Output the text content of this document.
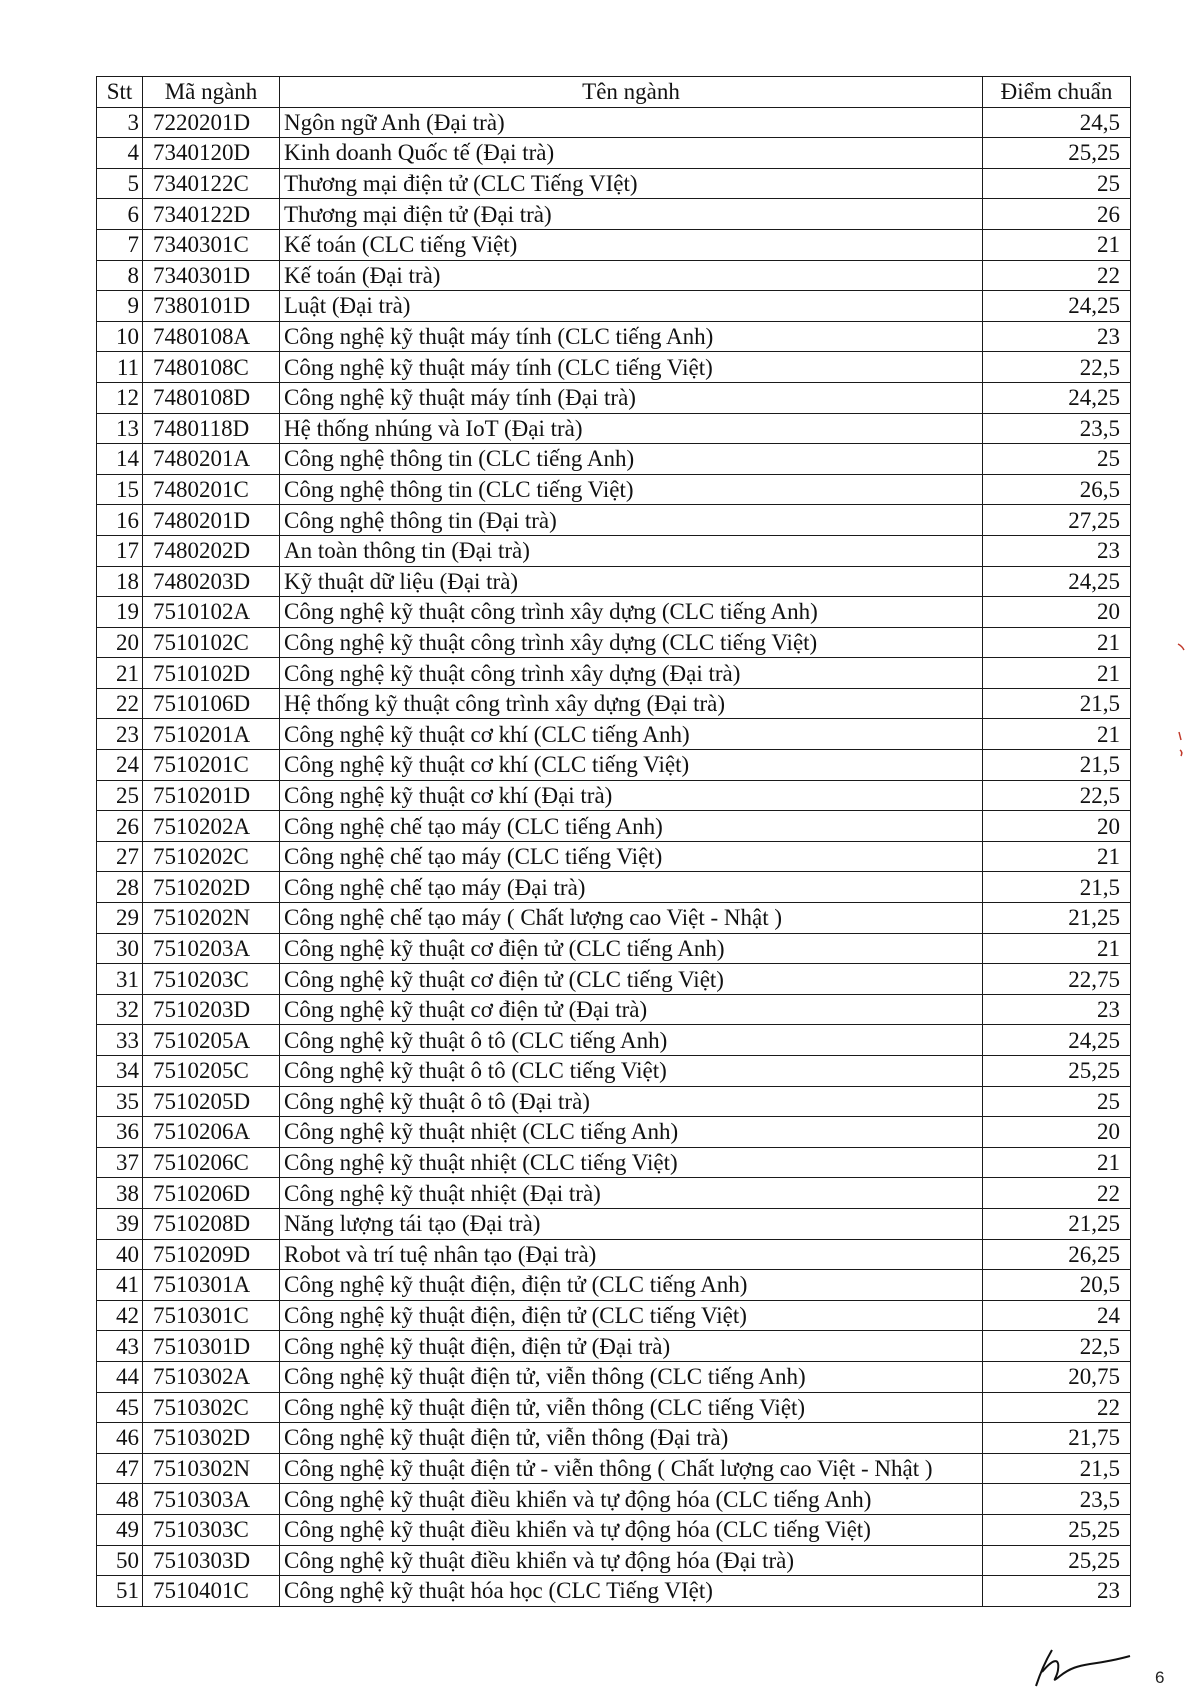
Stt	Mã ngành	Tên ngành	Điểm chuẩn
3	7220201D	Ngôn ngữ Anh (Đại trà)	24,5
4	7340120D	Kinh doanh Quốc tế (Đại trà)	25,25
5	7340122C	Thương mại điện tử (CLC Tiếng VIệt)	25
6	7340122D	Thương mại điện tử (Đại trà)	26
7	7340301C	Kế toán (CLC tiếng Việt)	21
8	7340301D	Kế toán (Đại trà)	22
9	7380101D	Luật (Đại trà)	24,25
10	7480108A	Công nghệ kỹ thuật máy tính (CLC tiếng Anh)	23
11	7480108C	Công nghệ kỹ thuật máy tính (CLC tiếng Việt)	22,5
12	7480108D	Công nghệ kỹ thuật máy tính (Đại trà)	24,25
13	7480118D	Hệ thống nhúng và IoT (Đại trà)	23,5
14	7480201A	Công nghệ thông tin (CLC tiếng Anh)	25
15	7480201C	Công nghệ thông tin (CLC tiếng Việt)	26,5
16	7480201D	Công nghệ thông tin (Đại trà)	27,25
17	7480202D	An toàn thông tin (Đại trà)	23
18	7480203D	Kỹ thuật dữ liệu (Đại trà)	24,25
19	7510102A	Công nghệ kỹ thuật công trình xây dựng (CLC tiếng Anh)	20
20	7510102C	Công nghệ kỹ thuật công trình xây dựng (CLC tiếng Việt)	21
21	7510102D	Công nghệ kỹ thuật công trình xây dựng (Đại trà)	21
22	7510106D	Hệ thống kỹ thuật công trình xây dựng (Đại trà)	21,5
23	7510201A	Công nghệ kỹ thuật cơ khí (CLC tiếng Anh)	21
24	7510201C	Công nghệ kỹ thuật cơ khí (CLC tiếng Việt)	21,5
25	7510201D	Công nghệ kỹ thuật cơ khí (Đại trà)	22,5
26	7510202A	Công nghệ chế tạo máy (CLC tiếng Anh)	20
27	7510202C	Công nghệ chế tạo máy (CLC tiếng Việt)	21
28	7510202D	Công nghệ chế tạo máy (Đại trà)	21,5
29	7510202N	Công nghệ chế tạo máy ( Chất lượng cao Việt - Nhật )	21,25
30	7510203A	Công nghệ kỹ thuật cơ điện tử (CLC tiếng Anh)	21
31	7510203C	Công nghệ kỹ thuật cơ điện tử (CLC tiếng Việt)	22,75
32	7510203D	Công nghệ kỹ thuật cơ điện tử (Đại trà)	23
33	7510205A	Công nghệ kỹ thuật ô tô (CLC tiếng Anh)	24,25
34	7510205C	Công nghệ kỹ thuật ô tô (CLC tiếng Việt)	25,25
35	7510205D	Công nghệ kỹ thuật ô tô (Đại trà)	25
36	7510206A	Công nghệ kỹ thuật nhiệt (CLC tiếng Anh)	20
37	7510206C	Công nghệ kỹ thuật nhiệt (CLC tiếng Việt)	21
38	7510206D	Công nghệ kỹ thuật nhiệt (Đại trà)	22
39	7510208D	Năng lượng tái tạo (Đại trà)	21,25
40	7510209D	Robot và trí tuệ nhân tạo (Đại trà)	26,25
41	7510301A	Công nghệ kỹ thuật điện, điện tử (CLC tiếng Anh)	20,5
42	7510301C	Công nghệ kỹ thuật điện, điện tử (CLC tiếng Việt)	24
43	7510301D	Công nghệ kỹ thuật điện, điện tử (Đại trà)	22,5
44	7510302A	Công nghệ kỹ thuật điện tử, viễn thông (CLC tiếng Anh)	20,75
45	7510302C	Công nghệ kỹ thuật điện tử, viễn thông (CLC tiếng Việt)	22
46	7510302D	Công nghệ kỹ thuật điện tử, viễn thông (Đại trà)	21,75
47	7510302N	Công nghệ kỹ thuật điện tử - viễn thông ( Chất lượng cao Việt - Nhật )	21,5
48	7510303A	Công nghệ kỹ thuật điều khiển và tự động hóa (CLC tiếng Anh)	23,5
49	7510303C	Công nghệ kỹ thuật điều khiển và tự động hóa (CLC tiếng Việt)	25,25
50	7510303D	Công nghệ kỹ thuật điều khiển và tự động hóa (Đại trà)	25,25
51	7510401C	Công nghệ kỹ thuật hóa học (CLC Tiếng VIệt)	23
6
